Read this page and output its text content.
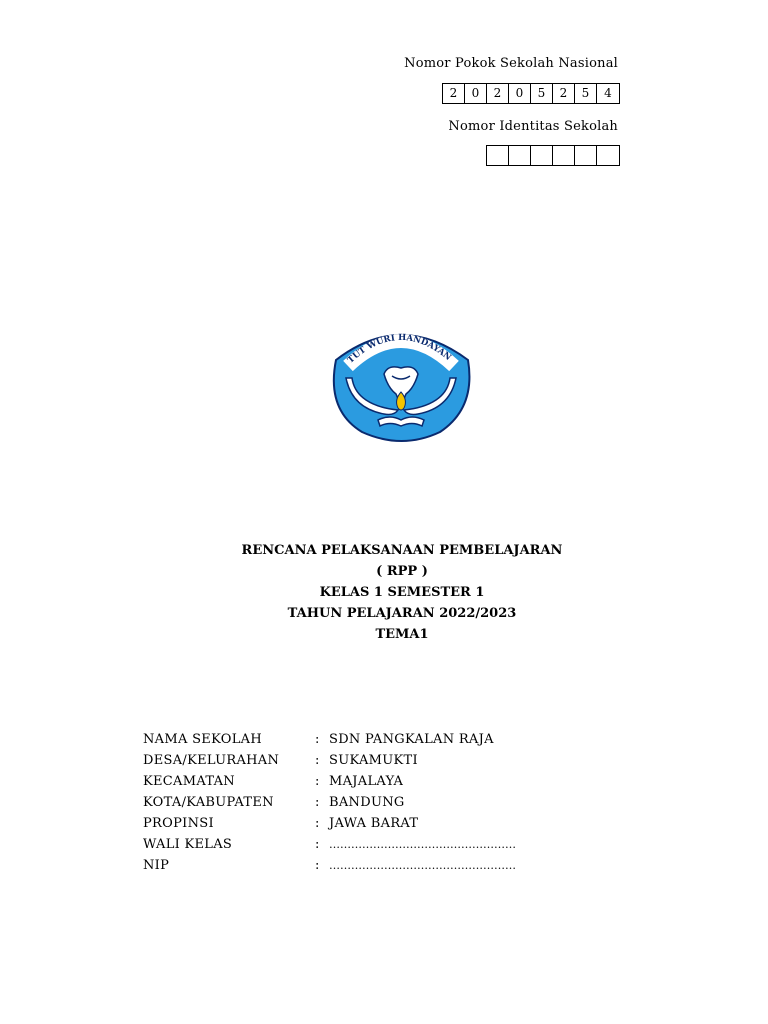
Nomor Pokok Sekolah Nasional
2	0	2	0	5	2	5	4
Nomor Identitas Sekolah
TUT WURI HANDAYAN
RENCANA PELAKSANAAN PEMBELAJARAN
( RPP )
KELAS 1 SEMESTER 1
TAHUN PELAJARAN 2022/2023
TEMA1
NAMA SEKOLAH	: SDN PANGKALAN RAJA
DESA/KELURAHAN	: SUKAMUKTI
KECAMATAN	: MAJALAYA
KOTA/KABUPATEN	: BANDUNG
PROPINSI	: JAWA BARAT
WALI KELAS	: ……………………………………………
NIP	: ……………………………………………
